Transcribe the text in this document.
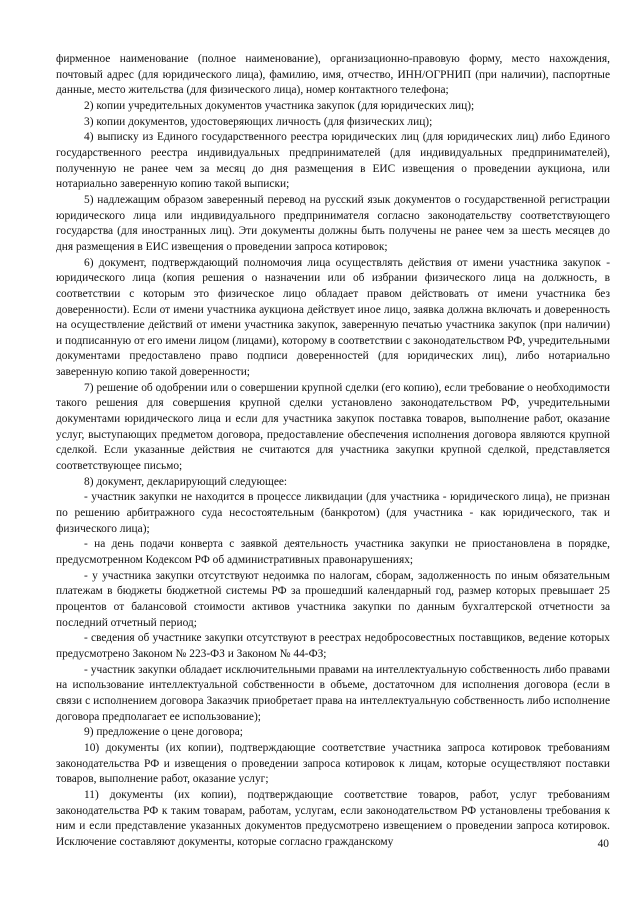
фирменное наименование (полное наименование), организационно-правовую форму, место нахождения, почтовый адрес (для юридического лица), фамилию, имя, отчество, ИНН/ОГРНИП (при наличии), паспортные данные, место жительства (для физического лица), номер контактного телефона;

2) копии учредительных документов участника закупок (для юридических лиц);

3) копии документов, удостоверяющих личность (для физических лиц);

4) выписку из Единого государственного реестра юридических лиц (для юридических лиц) либо Единого государственного реестра индивидуальных предпринимателей (для индивидуальных предпринимателей), полученную не ранее чем за месяц до дня размещения в ЕИС извещения о проведении аукциона, или нотариально заверенную копию такой выписки;

5) надлежащим образом заверенный перевод на русский язык документов о государственной регистрации юридического лица или индивидуального предпринимателя согласно законодательству соответствующего государства (для иностранных лиц). Эти документы должны быть получены не ранее чем за шесть месяцев до дня размещения в ЕИС извещения о проведении запроса котировок;

6) документ, подтверждающий полномочия лица осуществлять действия от имени участника закупок - юридического лица (копия решения о назначении или об избрании физического лица на должность, в соответствии с которым это физическое лицо обладает правом действовать от имени участника без доверенности). Если от имени участника аукциона действует иное лицо, заявка должна включать и доверенность на осуществление действий от имени участника закупок, заверенную печатью участника закупок (при наличии) и подписанную от его имени лицом (лицами), которому в соответствии с законодательством РФ, учредительными документами предоставлено право подписи доверенностей (для юридических лиц), либо нотариально заверенную копию такой доверенности;

7) решение об одобрении или о совершении крупной сделки (его копию), если требование о необходимости такого решения для совершения крупной сделки установлено законодательством РФ, учредительными документами юридического лица и если для участника закупок поставка товаров, выполнение работ, оказание услуг, выступающих предметом договора, предоставление обеспечения исполнения договора являются крупной сделкой. Если указанные действия не считаются для участника закупки крупной сделкой, представляется соответствующее письмо;

8) документ, декларирующий следующее:

- участник закупки не находится в процессе ликвидации (для участника - юридического лица), не признан по решению арбитражного суда несостоятельным (банкротом) (для участника - как юридического, так и физического лица);

- на день подачи конверта с заявкой деятельность участника закупки не приостановлена в порядке, предусмотренном Кодексом РФ об административных правонарушениях;

- у участника закупки отсутствуют недоимка по налогам, сборам, задолженность по иным обязательным платежам в бюджеты бюджетной системы РФ за прошедший календарный год, размер которых превышает 25 процентов от балансовой стоимости активов участника закупки по данным бухгалтерской отчетности за последний отчетный период;

- сведения об участнике закупки отсутствуют в реестрах недобросовестных поставщиков, ведение которых предусмотрено Законом № 223-ФЗ и Законом № 44-ФЗ;

- участник закупки обладает исключительными правами на интеллектуальную собственность либо правами на использование интеллектуальной собственности в объеме, достаточном для исполнения договора (если в связи с исполнением договора Заказчик приобретает права на интеллектуальную собственность либо исполнение договора предполагает ее использование);

9) предложение о цене договора;

10) документы (их копии), подтверждающие соответствие участника запроса котировок требованиям законодательства РФ и извещения о проведении запроса котировок к лицам, которые осуществляют поставки товаров, выполнение работ, оказание услуг;

11) документы (их копии), подтверждающие соответствие товаров, работ, услуг требованиям законодательства РФ к таким товарам, работам, услугам, если законодательством РФ установлены требования к ним и если представление указанных документов предусмотрено извещением о проведении запроса котировок. Исключение составляют документы, которые согласно гражданскому	40
